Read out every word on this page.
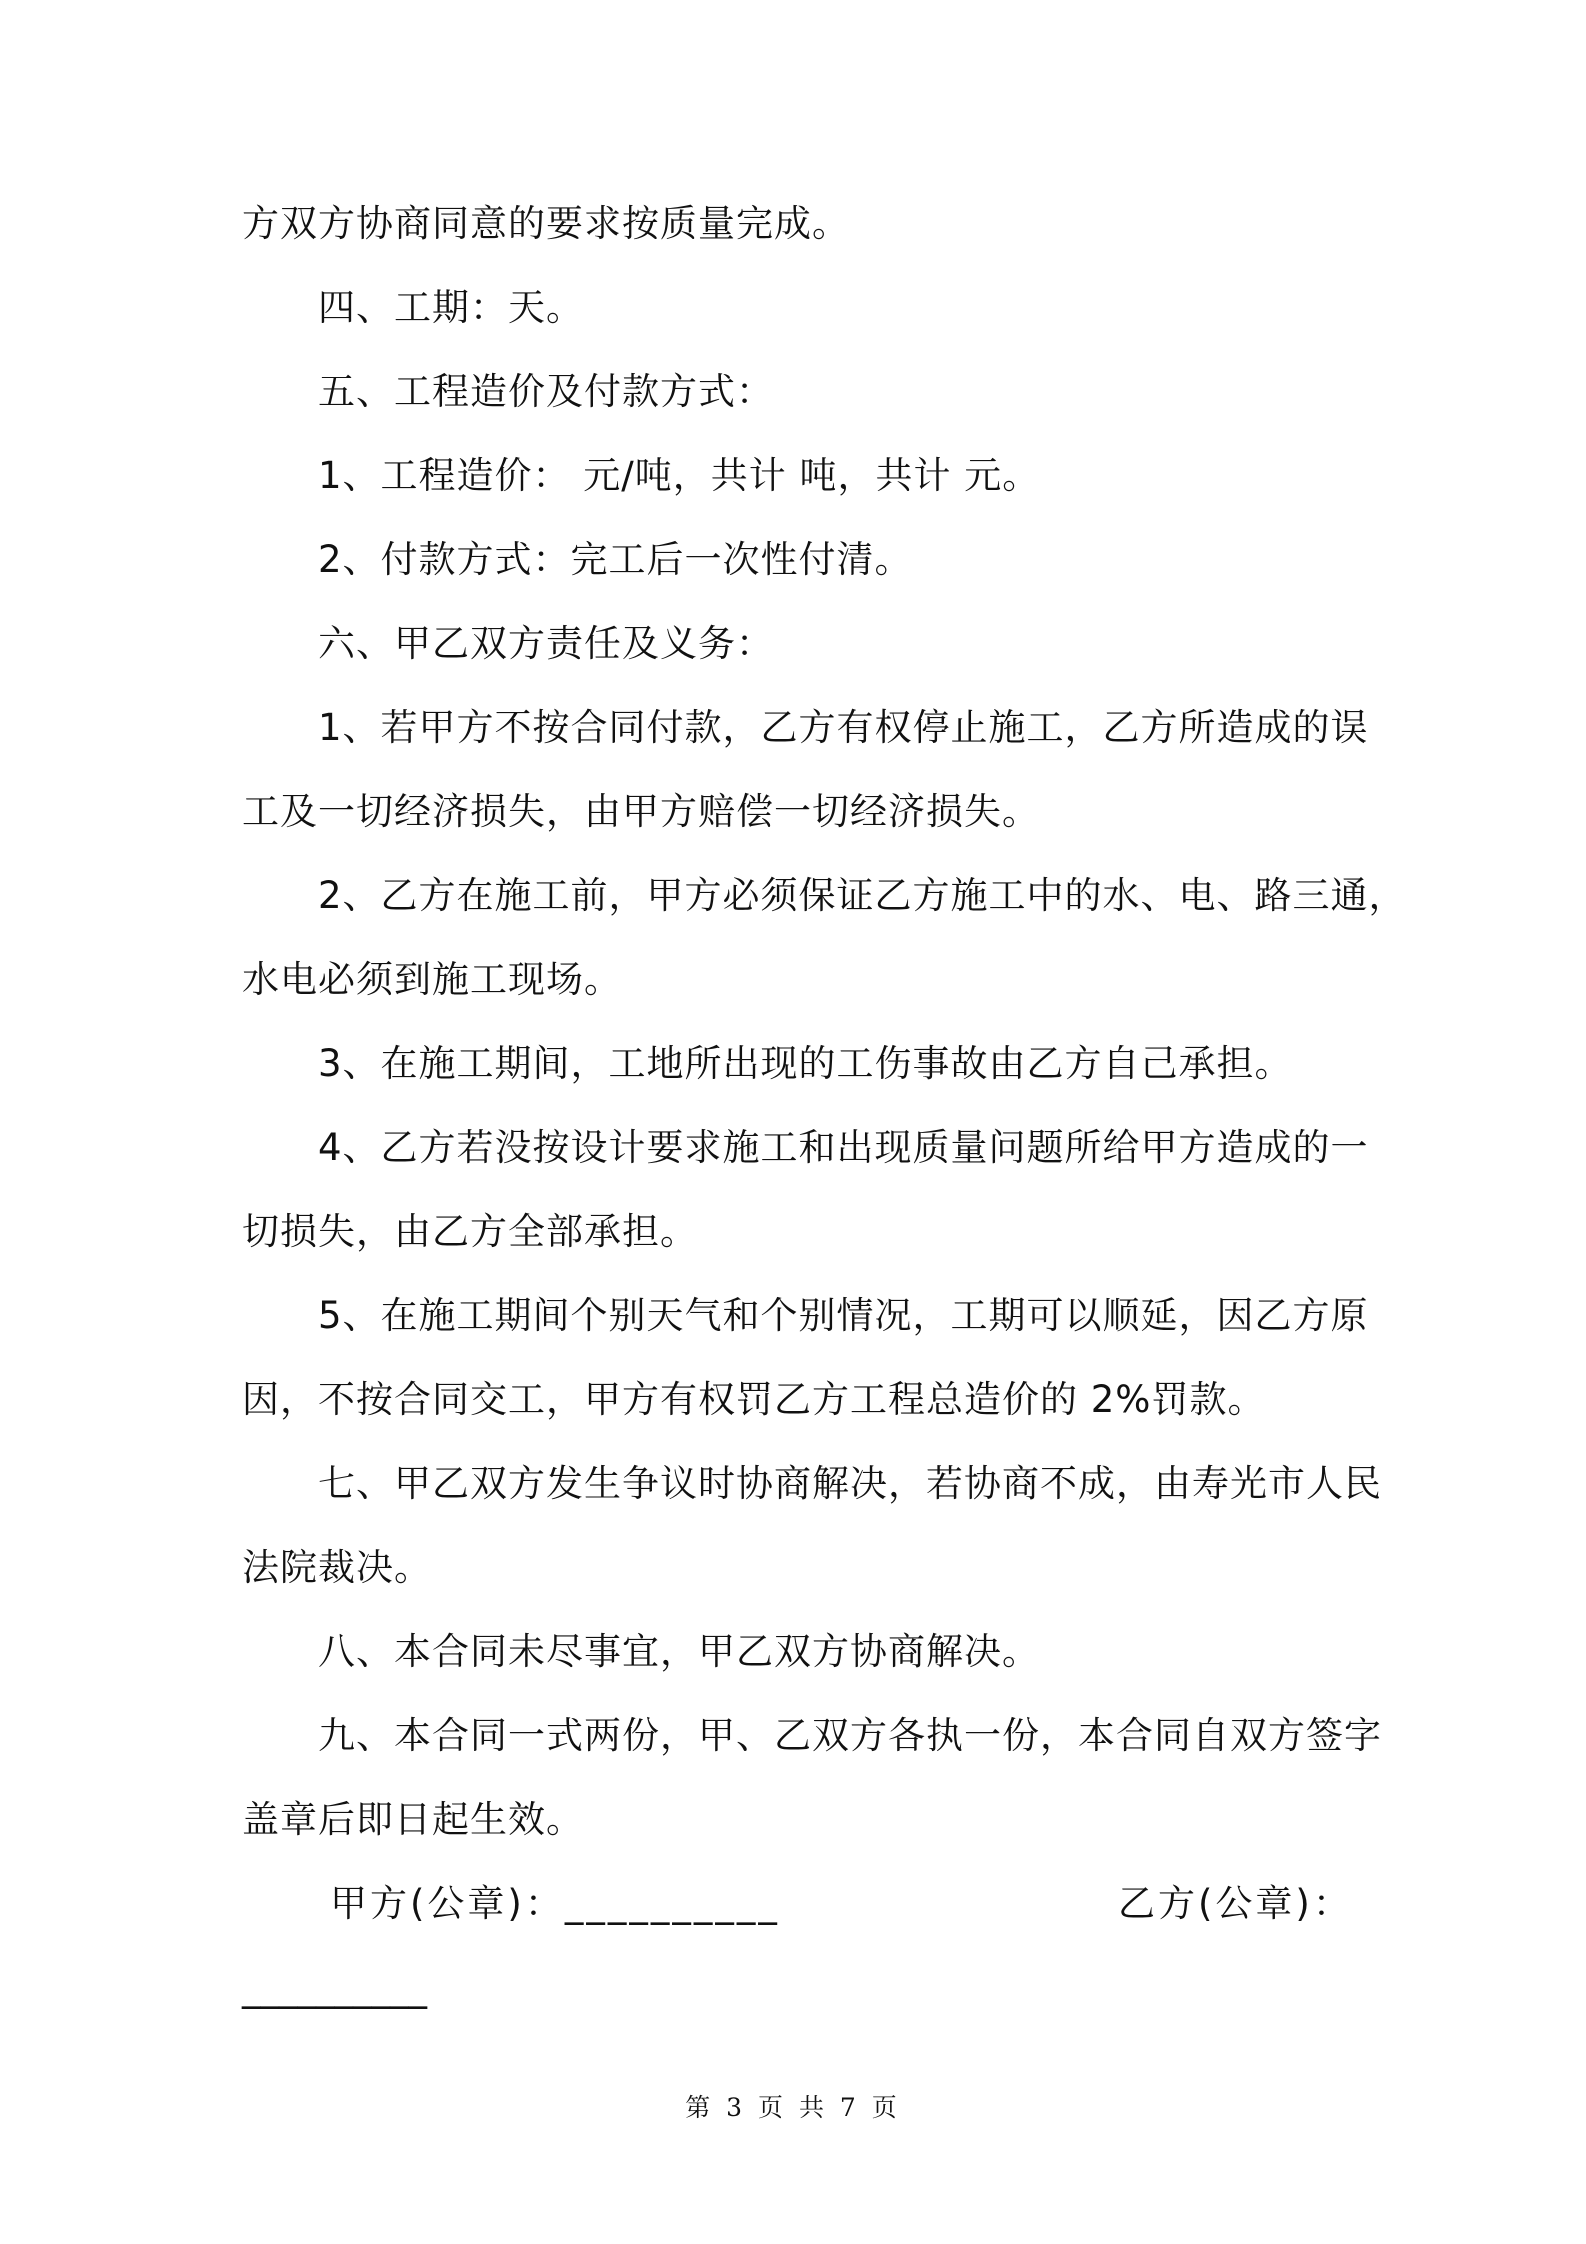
方双方协商同意的要求按质量完成。
四、工期：天。
五、工程造价及付款方式：
1、工程造价： 元/吨，共计 吨，共计 元。
2、付款方式：完工后一次性付清。
六、甲乙双方责任及义务：
1、若甲方不按合同付款，乙方有权停止施工，乙方所造成的误
工及一切经济损失，由甲方赔偿一切经济损失。
2、乙方在施工前，甲方必须保证乙方施工中的水、电、路三通，
水电必须到施工现场。
3、在施工期间，工地所出现的工伤事故由乙方自己承担。
4、乙方若没按设计要求施工和出现质量问题所给甲方造成的一
切损失，由乙方全部承担。
5、在施工期间个别天气和个别情况，工期可以顺延，因乙方原
因，不按合同交工，甲方有权罚乙方工程总造价的 2%罚款。
七、甲乙双方发生争议时协商解决，若协商不成，由寿光市人民
法院裁决。
八、本合同未尽事宜，甲乙双方协商解决。
九、本合同一式两份，甲、乙双方各执一份，本合同自双方签字
盖章后即日起生效。
甲方(公章)：__________	乙方(公章)：
__________
第 3 页 共 7 页
